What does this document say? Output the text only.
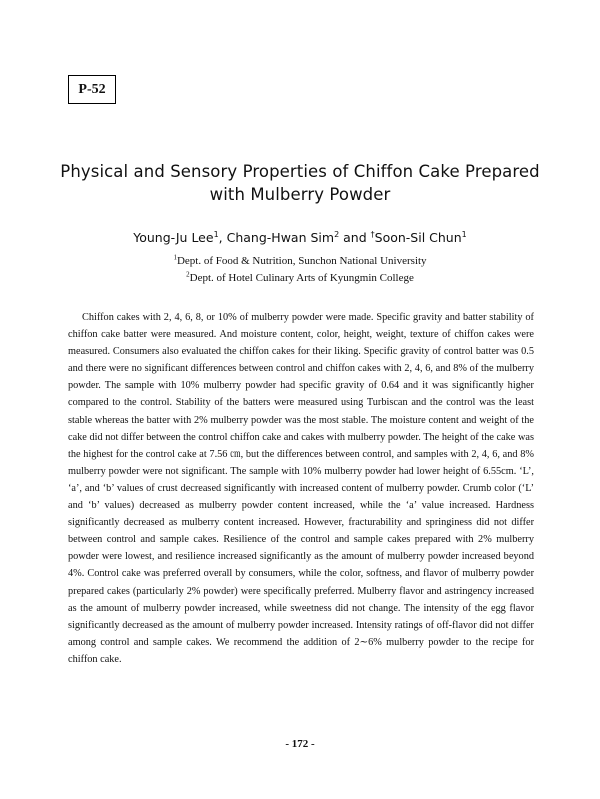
P-52
Physical and Sensory Properties of Chiffon Cake Prepared
with Mulberry Powder

Young-Ju Lee$^1$, Chang-Hwan Sim$^2$ and †Soon-Sil Chun$^1$

$^1$Dept. of Food & Nutrition, Sunchon National University
$^2$Dept. of Hotel Culinary Arts of Kyungmin College

Chiffon cakes with 2, 4, 6, 8, or 10% of mulberry powder were made. Specific gravity and batter stability of chiffon cake batter were measured. And moisture content, color, height, weight, texture of chiffon cakes were measured. Consumers also evaluated the chiffon cakes for their liking. Specific gravity of control batter was 0.5 and there were no significant differences between control and chiffon cakes with 2, 4, 6, and 8% of the mulberry powder. The sample with 10% mulberry powder had specific gravity of 0.64 and it was significantly higher compared to the control. Stability of the batters were measured using Turbiscan and the control was the least stable whereas the batter with 2% mulberry powder was the most stable. The moisture content and weight of the cake did not differ between the control chiffon cake and cakes with mulberry powder. The height of the cake was the highest for the control cake at 7.56 ㎝, but the differences between control, and samples with 2, 4, 6, and 8% mulberry powder were not significant. The sample with 10% mulberry powder had lower height of 6.55cm. ‘L’, ‘a’, and ‘b’ values of crust decreased significantly with increased content of mulberry powder. Crumb color (‘L’ and ‘b’ values) decreased as mulberry powder content increased, while the ‘a’ value increased. Hardness significantly decreased as mulberry content increased. However, fracturability and springiness did not differ between control and sample cakes. Resilience of the control and sample cakes prepared with 2% mulberry powder were lowest, and resilience increased significantly as the amount of mulberry powder increased beyond 4%. Control cake was preferred overall by consumers, while the color, softness, and flavor of mulberry powder prepared cakes (particularly 2% powder) were specifically preferred. Mulberry flavor and astringency increased as the amount of mulberry powder increased, while sweetness did not change. The intensity of the egg flavor significantly decreased as the amount of mulberry powder increased. Intensity ratings of off-flavor did not differ among control and sample cakes. We recommend the addition of 2∼6% mulberry powder to the recipe for chiffon cake.

- 172 -
